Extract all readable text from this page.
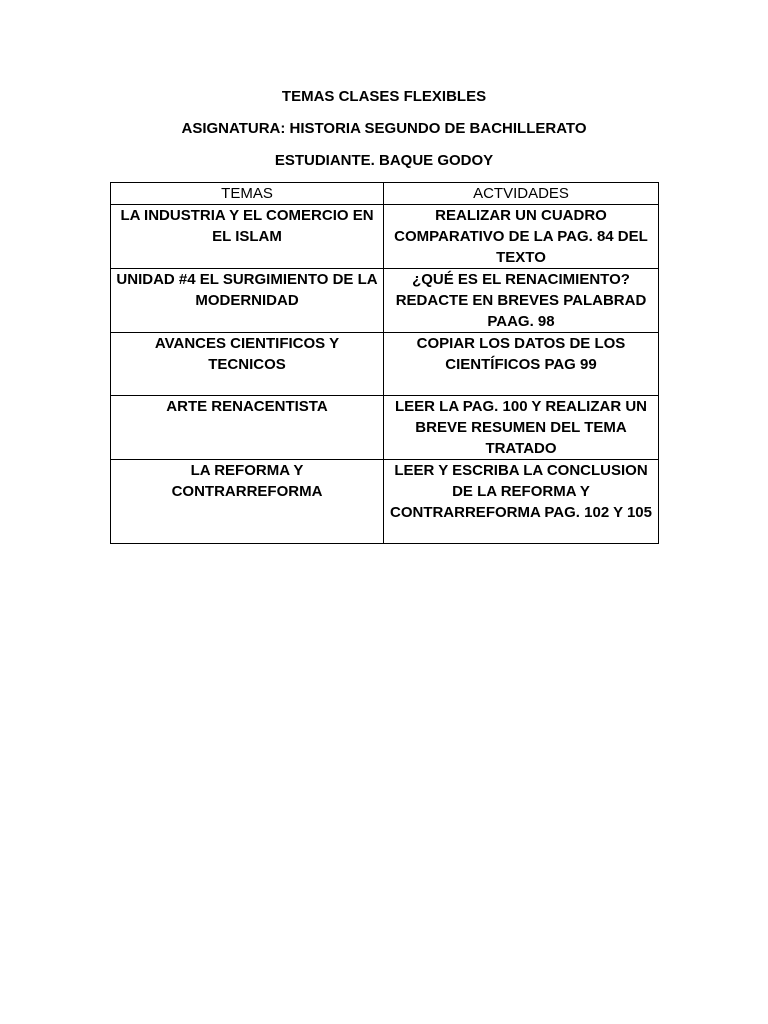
TEMAS CLASES FLEXIBLES
ASIGNATURA: HISTORIA SEGUNDO DE BACHILLERATO
ESTUDIANTE. BAQUE GODOY
TEMAS	ACTVIDADES
LA INDUSTRIA Y EL COMERCIO EN EL ISLAM	REALIZAR UN CUADRO COMPARATIVO DE LA PAG. 84 DEL TEXTO
UNIDAD #4 EL SURGIMIENTO DE LA MODERNIDAD	¿QUÉ ES EL RENACIMIENTO? REDACTE EN BREVES PALABRAD PAAG. 98
AVANCES CIENTIFICOS Y TECNICOS	COPIAR LOS DATOS DE LOS CIENTÍFICOS PAG 99
ARTE RENACENTISTA	LEER LA PAG. 100 Y REALIZAR UN BREVE RESUMEN DEL TEMA TRATADO
LA REFORMA Y CONTRARREFORMA	LEER Y ESCRIBA LA CONCLUSION DE LA REFORMA Y CONTRARREFORMA PAG. 102 Y 105
